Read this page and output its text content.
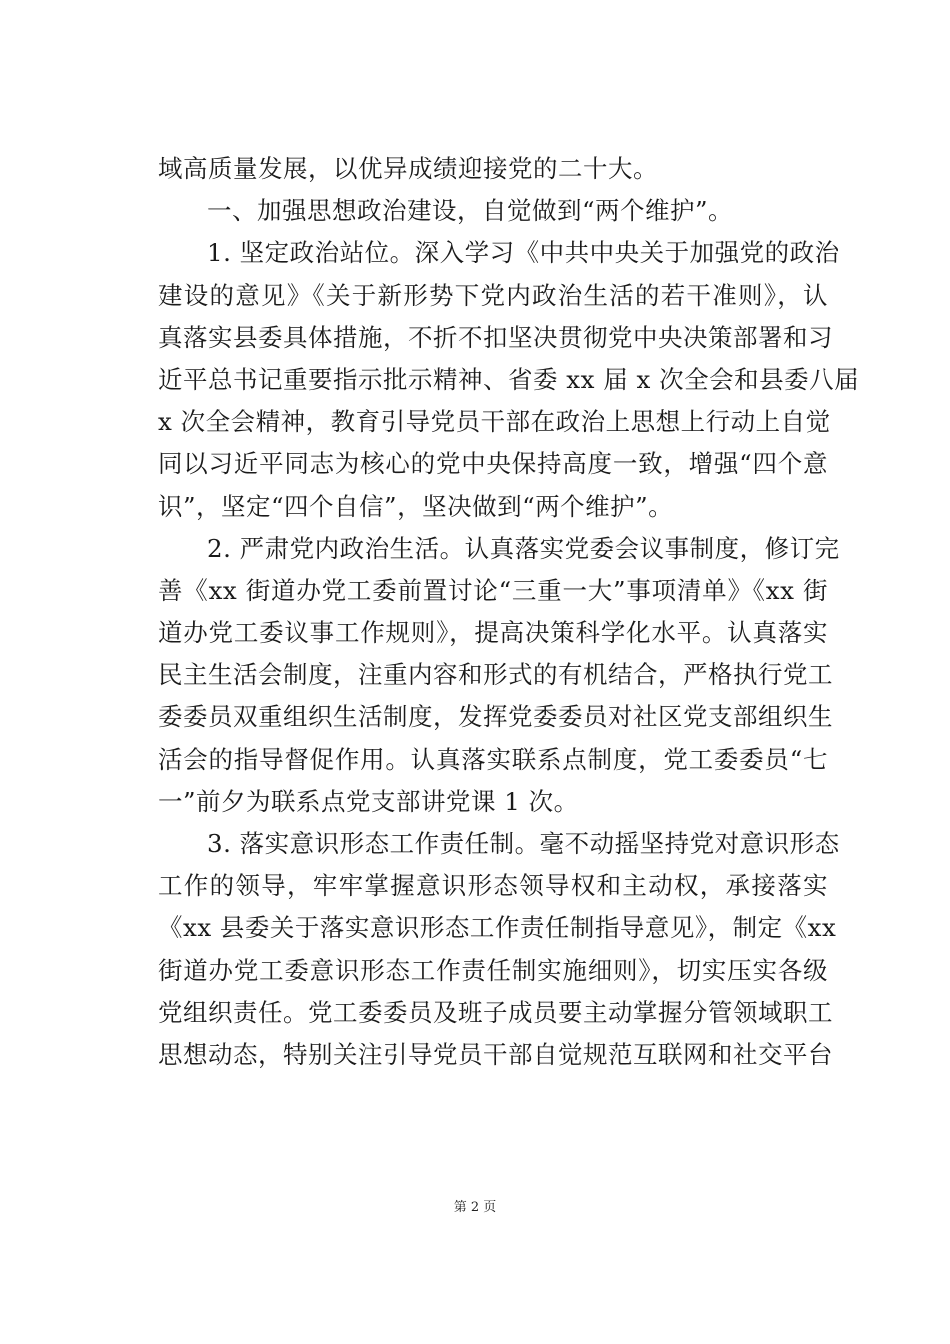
域高质量发展，以优异成绩迎接党的二十大。
一、加强思想政治建设，自觉做到“两个维护”。
1. 坚定政治站位。深入学习《中共中央关于加强党的政治
建设的意见》《关于新形势下党内政治生活的若干准则》，认
真落实县委具体措施，不折不扣坚决贯彻党中央决策部署和习
近平总书记重要指示批示精神、省委 xx 届 x 次全会和县委八届
x 次全会精神，教育引导党员干部在政治上思想上行动上自觉
同以习近平同志为核心的党中央保持高度一致，增强“四个意
识”，坚定“四个自信”，坚决做到“两个维护”。
2. 严肃党内政治生活。认真落实党委会议事制度，修订完
善《xx 街道办党工委前置讨论“三重一大”事项清单》《xx 街
道办党工委议事工作规则》，提高决策科学化水平。认真落实
民主生活会制度，注重内容和形式的有机结合，严格执行党工
委委员双重组织生活制度，发挥党委委员对社区党支部组织生
活会的指导督促作用。认真落实联系点制度，党工委委员“七
一”前夕为联系点党支部讲党课 1 次。
3. 落实意识形态工作责任制。毫不动摇坚持党对意识形态
工作的领导，牢牢掌握意识形态领导权和主动权，承接落实
《xx 县委关于落实意识形态工作责任制指导意见》，制定《xx
街道办党工委意识形态工作责任制实施细则》，切实压实各级
党组织责任。党工委委员及班子成员要主动掌握分管领域职工
思想动态，特别关注引导党员干部自觉规范互联网和社交平台
第 2 页
